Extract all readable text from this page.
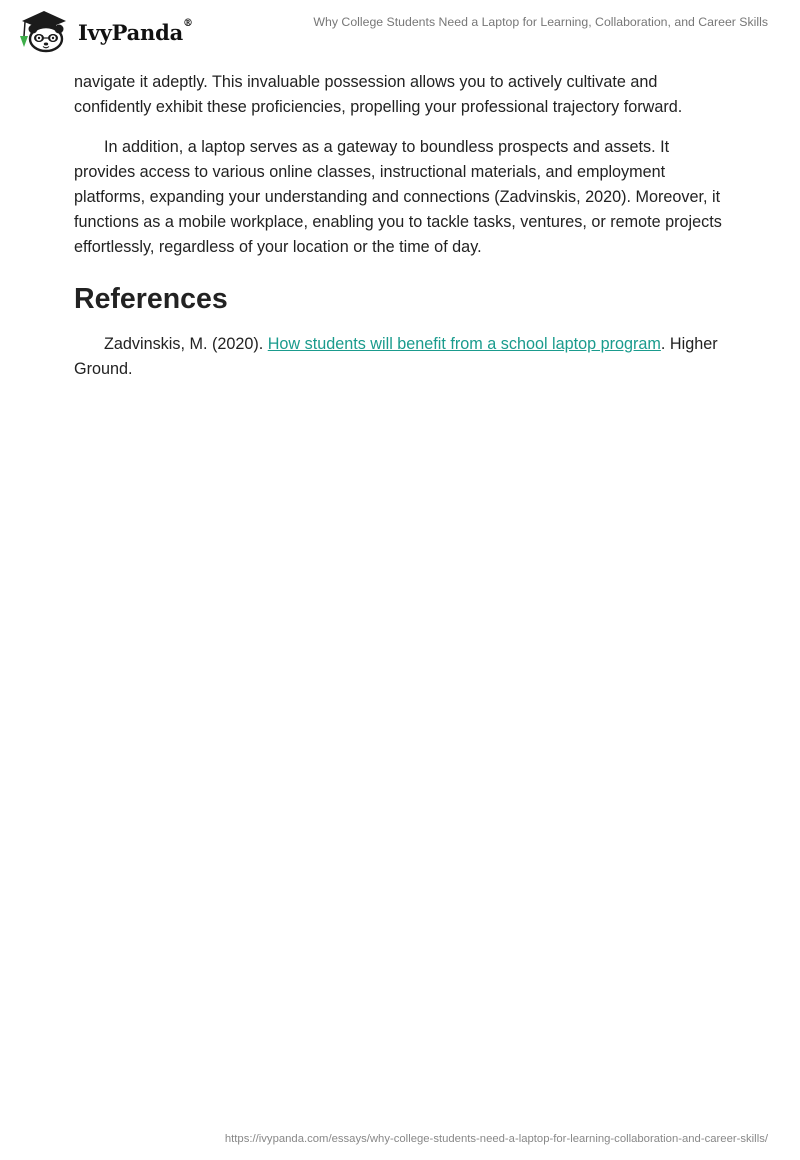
IvyPanda®	Why College Students Need a Laptop for Learning, Collaboration, and Career Skills

navigate it adeptly. This invaluable possession allows you to actively cultivate and confidently exhibit these proficiencies, propelling your professional trajectory forward.

In addition, a laptop serves as a gateway to boundless prospects and assets. It provides access to various online classes, instructional materials, and employment platforms, expanding your understanding and connections (Zadvinskis, 2020). Moreover, it functions as a mobile workplace, enabling you to tackle tasks, ventures, or remote projects effortlessly, regardless of your location or the time of day.

References

Zadvinskis, M. (2020). How students will benefit from a school laptop program. Higher Ground.

https://ivypanda.com/essays/why-college-students-need-a-laptop-for-learning-collaboration-and-career-skills/
